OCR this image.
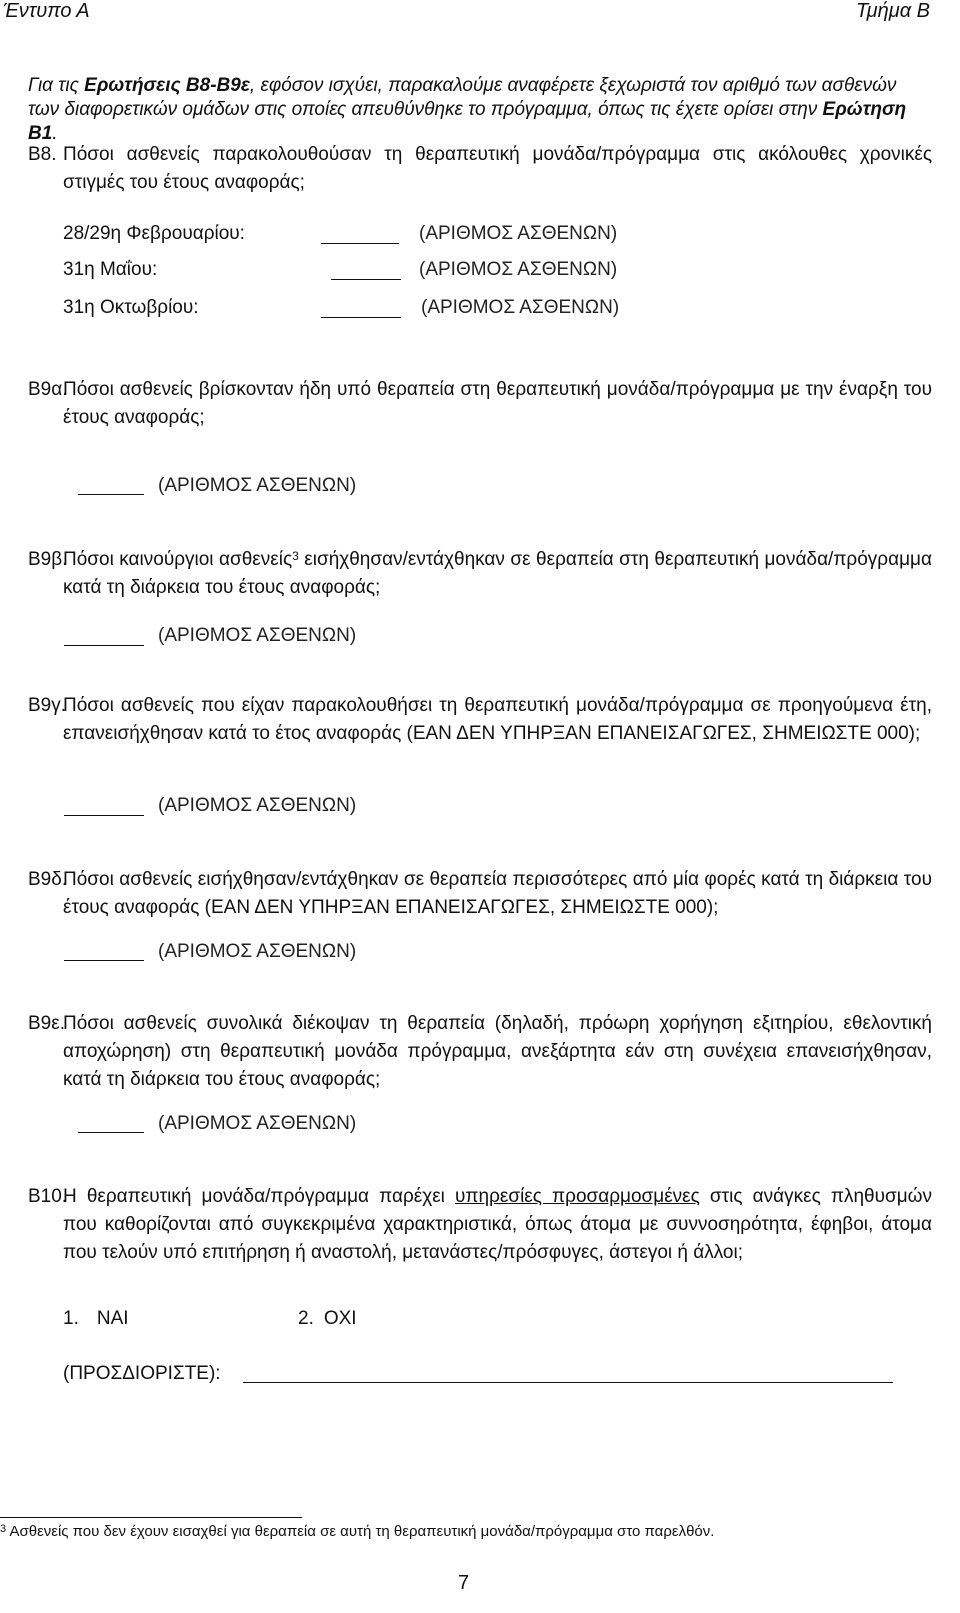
Έντυπο Α	Τμήμα Β
Για τις Ερωτήσεις Β8-Β9ε, εφόσον ισχύει, παρακαλούμε αναφέρετε ξεχωριστά τον αριθμό των ασθενών των διαφορετικών ομάδων στις οποίες απευθύνθηκε το πρόγραμμα, όπως τις έχετε ορίσει στην Ερώτηση Β1.
Β8. Πόσοι ασθενείς παρακολουθούσαν τη θεραπευτική μονάδα/πρόγραμμα στις ακόλουθες χρονικές στιγμές του έτους αναφοράς;
28/29η Φεβρουαρίου:	(ΑΡΙΘΜΟΣ ΑΣΘΕΝΩΝ)
31η Μαΐου:	(ΑΡΙΘΜΟΣ ΑΣΘΕΝΩΝ)
31η Οκτωβρίου:	(ΑΡΙΘΜΟΣ ΑΣΘΕΝΩΝ)
Β9α.
Πόσοι ασθενείς βρίσκονταν ήδη υπό θεραπεία στη θεραπευτική μονάδα/πρόγραμμα με την έναρξη του έτους αναφοράς;
(ΑΡΙΘΜΟΣ ΑΣΘΕΝΩΝ)
Β9β.
Πόσοι καινούργιοι ασθενείς$^3$ εισήχθησαν/εντάχθηκαν σε θεραπεία στη θεραπευτική μονάδα/πρόγραμμα κατά τη διάρκεια του έτους αναφοράς;
(ΑΡΙΘΜΟΣ ΑΣΘΕΝΩΝ)
Β9γ.
Πόσοι ασθενείς που είχαν παρακολουθήσει τη θεραπευτική μονάδα/πρόγραμμα σε προηγούμενα έτη, επανεισήχθησαν κατά το έτος αναφοράς (ΕΑΝ ΔΕΝ ΥΠΗΡΞΑΝ ΕΠΑΝΕΙΣΑΓΩΓΕΣ, ΣΗΜΕΙΩΣΤΕ 000);
(ΑΡΙΘΜΟΣ ΑΣΘΕΝΩΝ)
Β9δ.
Πόσοι ασθενείς εισήχθησαν/εντάχθηκαν σε θεραπεία περισσότερες από μία φορές κατά τη διάρκεια του έτους αναφοράς (ΕΑΝ ΔΕΝ ΥΠΗΡΞΑΝ ΕΠΑΝΕΙΣΑΓΩΓΕΣ, ΣΗΜΕΙΩΣΤΕ 000);
(ΑΡΙΘΜΟΣ ΑΣΘΕΝΩΝ)
Β9ε.
Πόσοι ασθενείς συνολικά διέκοψαν τη θεραπεία (δηλαδή, πρόωρη χορήγηση εξιτηρίου, εθελοντική αποχώρηση) στη θεραπευτική μονάδα πρόγραμμα, ανεξάρτητα εάν στη συνέχεια επανεισήχθησαν, κατά τη διάρκεια του έτους αναφοράς;
(ΑΡΙΘΜΟΣ ΑΣΘΕΝΩΝ)
Β10.
Η θεραπευτική μονάδα/πρόγραμμα παρέχει υπηρεσίες προσαρμοσμένες στις ανάγκες πληθυσμών που καθορίζονται από συγκεκριμένα χαρακτηριστικά, όπως άτομα με συννοσηρότητα, έφηβοι, άτομα που τελούν υπό επιτήρηση ή αναστολή, μετανάστες/πρόσφυγες, άστεγοι ή άλλοι;
1. ΝΑΙ	2. ΟΧΙ
(ΠΡΟΣΔΙΟΡΙΣΤΕ):
$^3$ Ασθενείς που δεν έχουν εισαχθεί για θεραπεία σε αυτή τη θεραπευτική μονάδα/πρόγραμμα στο παρελθόν.
7
